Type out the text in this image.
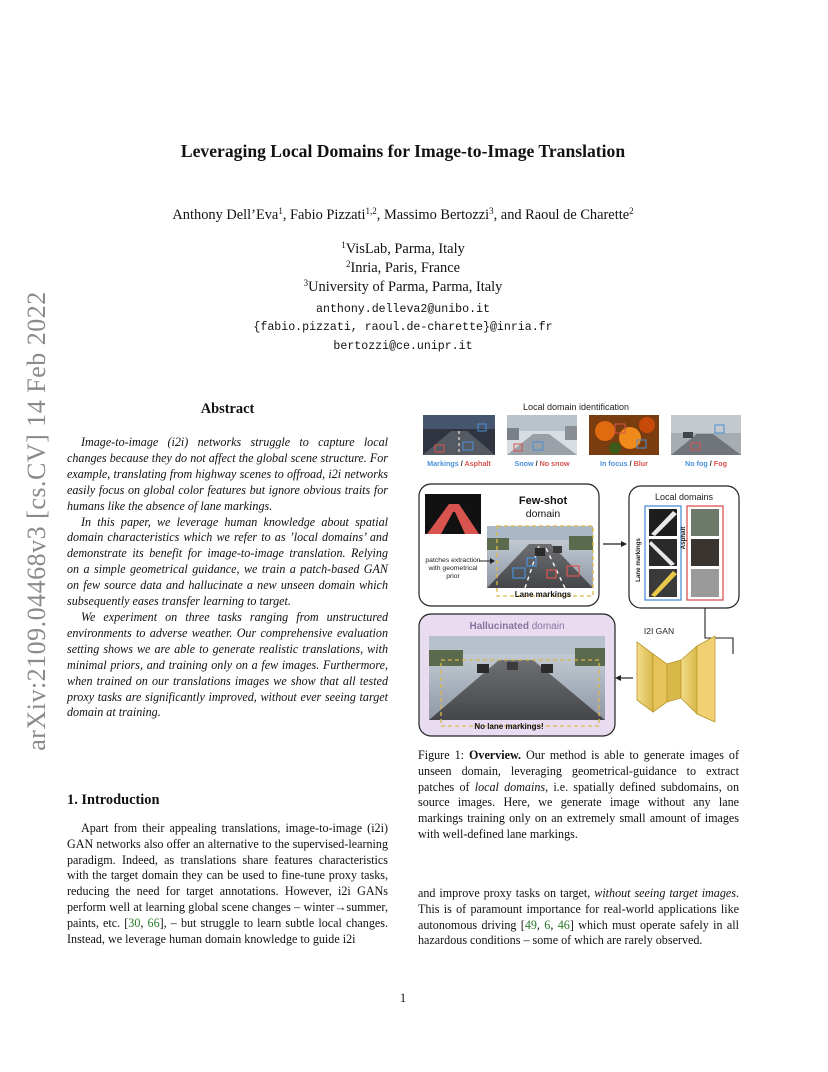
arXiv:2109.04468v3 [cs.CV] 14 Feb 2022
Leveraging Local Domains for Image-to-Image Translation
Anthony Dell’Eva$^1$, Fabio Pizzati$^{1,2}$, Massimo Bertozzi$^3$, and Raoul de Charette$^2$
$^1$VisLab, Parma, Italy
$^2$Inria, Paris, France
$^3$University of Parma, Parma, Italy
anthony.delleva2@unibo.it
{fabio.pizzati, raoul.de-charette}@inria.fr
bertozzi@ce.unipr.it
Abstract

Image-to-image (i2i) networks struggle to capture local changes because they do not affect the global scene structure. For example, translating from highway scenes to offroad, i2i networks easily focus on global color features but ignore obvious traits for humans like the absence of lane markings.

In this paper, we leverage human knowledge about spatial domain characteristics which we refer to as ’local domains’ and demonstrate its benefit for image-to-image translation. Relying on a simple geometrical guidance, we train a patch-based GAN on few source data and hallucinate a new unseen domain which subsequently eases transfer learning to target.

We experiment on three tasks ranging from unstructured environments to adverse weather. Our comprehensive evaluation setting shows we are able to generate realistic translations, with minimal priors, and training only on a few images. Furthermore, when trained on our translations images we show that all tested proxy tasks are significantly improved, without ever seeing target domain at training.

1. Introduction

Apart from their appealing translations, image-to-image (i2i) GAN networks also offer an alternative to the supervised-learning paradigm. Indeed, as translations share features characteristics with the target domain they can be used to fine-tune proxy tasks, reducing the need for target annotations. However, i2i GANs perform well at learning global scene changes – winter→summer, paints, etc. [30, 66], – but struggle to learn subtle local changes. Instead, we leverage human domain knowledge to guide i2i

and improve proxy tasks on target, without seeing target images. This is of paramount importance for real-world applications like autonomous driving [49, 6, 46] which must operate safely in all hazardous conditions – some of which are rarely observed.

Local domain identification
Markings / Asphalt	Snow / No snow	In focus / Blur	No fog / Fog
Few-shot
domain
Lane markings
patches extraction
with geometrical
prior
Local domains
Lane markings
Asphalt
I2I GAN
Hallucinated domain
No lane markings!
Figure 1: Overview. Our method is able to generate images of unseen domain, leveraging geometrical-guidance to extract patches of local domains, i.e. spatially defined subdomains, on source images. Here, we generate image without any lane markings training only on an extremely small amount of images with well-defined lane markings.
1
